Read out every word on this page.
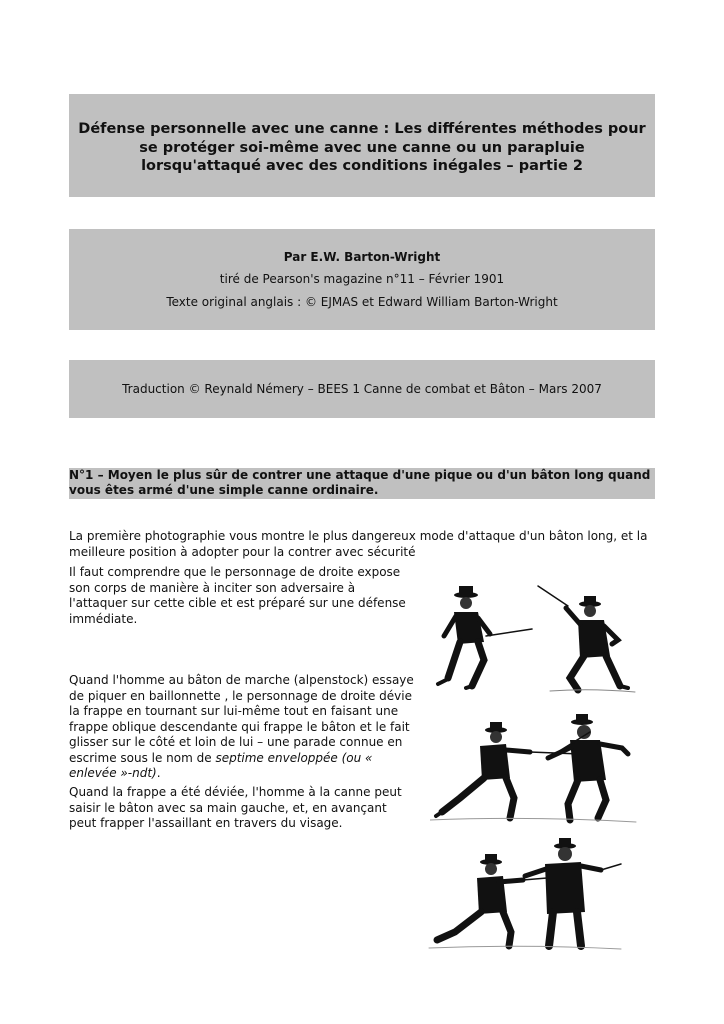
Défense personnelle avec une canne : Les différentes méthodes pour se protéger soi-même avec une canne ou un parapluie lorsqu'attaqué avec des conditions inégales – partie 2
Par E.W. Barton-Wright
tiré de Pearson's magazine n°11 – Février 1901
Texte original anglais : © EJMAS et Edward William Barton-Wright

Traduction © Reynald Némery – BEES 1 Canne de combat et Bâton – Mars 2007

N°1 – Moyen le plus sûr de contrer une attaque d'une pique ou d'un bâton long quand vous êtes armé d'une simple canne ordinaire.

La première photographie vous montre le plus dangereux mode d'attaque d'un bâton long, et la meilleure position à adopter pour la contrer avec sécurité

Il faut comprendre que le personnage de droite expose son corps de manière à inciter son adversaire à l'attaquer sur cette cible et est préparé sur une défense immédiate.

Quand l'homme au bâton de marche (alpenstock) essaye de piquer en baillonnette , le personnage de droite dévie la frappe en tournant sur lui-même tout en faisant une frappe oblique descendante qui frappe le bâton et le fait glisser sur le côté et loin de lui – une parade connue en escrime sous le nom de septime enveloppée (ou « enlevée »-ndt).

Quand la frappe a été déviée, l'homme à la canne peut saisir le bâton avec sa main gauche, et, en avançant peut frapper l'assaillant en travers du visage.
